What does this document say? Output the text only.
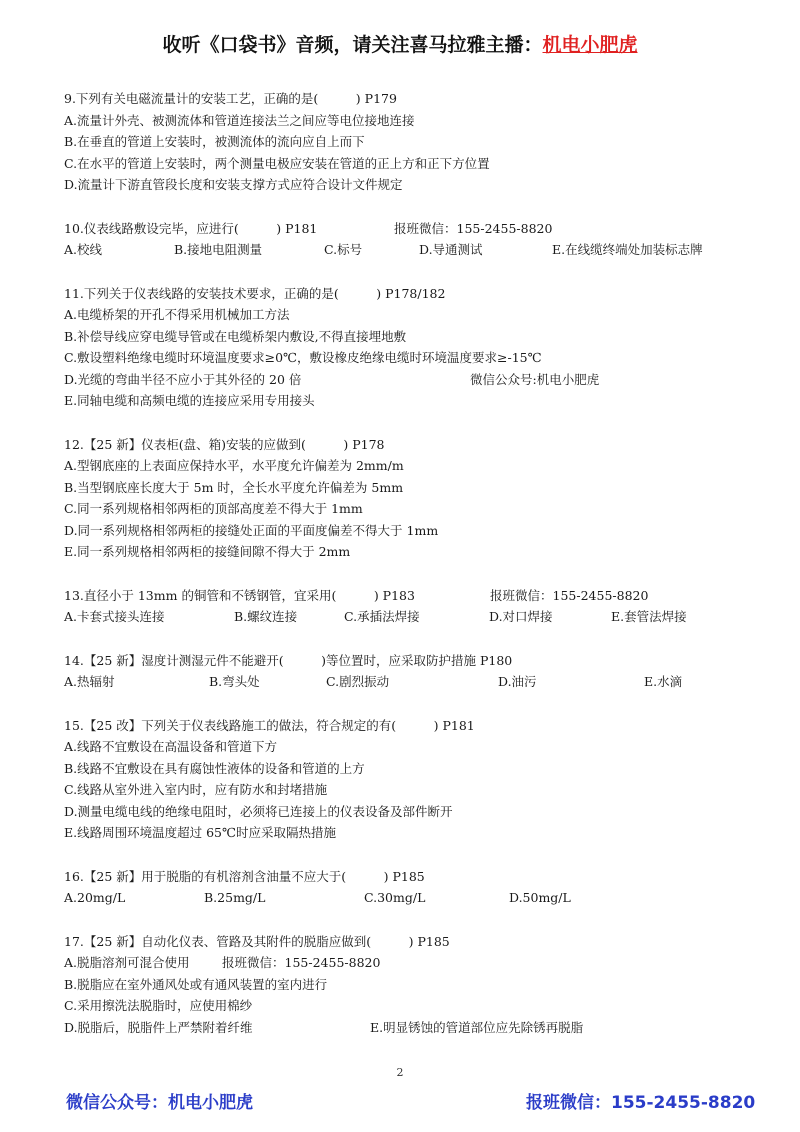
收听《口袋书》音频，请关注喜马拉雅主播：机电小肥虎
9.下列有关电磁流量计的安装工艺，正确的是(　　　) P179
A.流量计外壳、被测流体和管道连接法兰之间应等电位接地连接
B.在垂直的管道上安装时，被测流体的流向应自上而下
C.在水平的管道上安装时，两个测量电极应安装在管道的正上方和正下方位置
D.流量计下游直管段长度和安装支撑方式应符合设计文件规定
10.仪表线路敷设完毕，应进行(　　　) P181	报班微信：155-2455-8820
A.校线	B.接地电阻测量	C.标号	D.导通测试	E.在线缆终端处加装标志牌
11.下列关于仪表线路的安装技术要求，正确的是(　　　) P178/182
A.电缆桥架的开孔不得采用机械加工方法
B.补偿导线应穿电缆导管或在电缆桥架内敷设,不得直接埋地敷
C.敷设塑料绝缘电缆时环境温度要求≥0℃，敷设橡皮绝缘电缆时环境温度要求≥-15℃
D.光缆的弯曲半径不应小于其外径的 20 倍	微信公众号:机电小肥虎
E.同轴电缆和高频电缆的连接应采用专用接头
12.【25 新】仪表柜(盘、箱)安装的应做到(　　　) P178
A.型钢底座的上表面应保持水平，水平度允许偏差为 2mm/m
B.当型钢底座长度大于 5m 时，全长水平度允许偏差为 5mm
C.同一系列规格相邻两柜的顶部高度差不得大于 1mm
D.同一系列规格相邻两柜的接缝处正面的平面度偏差不得大于 1mm
E.同一系列规格相邻两柜的接缝间隙不得大于 2mm
13.直径小于 13mm 的铜管和不锈钢管，宜采用(　　　) P183	报班微信：155-2455-8820
A.卡套式接头连接	B.螺纹连接	C.承插法焊接	D.对口焊接	E.套管法焊接
14.【25 新】湿度计测湿元件不能避开(　　　)等位置时，应采取防护措施 P180
A.热辐射	B.弯头处	C.剧烈振动	D.油污	E.水滴
15.【25 改】下列关于仪表线路施工的做法，符合规定的有(　　　) P181
A.线路不宜敷设在高温设备和管道下方
B.线路不宜敷设在具有腐蚀性液体的设备和管道的上方
C.线路从室外进入室内时，应有防水和封堵措施
D.测量电缆电线的绝缘电阻时，必须将已连接上的仪表设备及部件断开
E.线路周围环境温度超过 65℃时应采取隔热措施
16.【25 新】用于脱脂的有机溶剂含油量不应大于(　　　) P185
A.20mg/L	B.25mg/L	C.30mg/L	D.50mg/L
17.【25 新】自动化仪表、管路及其附件的脱脂应做到(　　　) P185
A.脱脂溶剂可混合使用	报班微信：155-2455-8820
B.脱脂应在室外通风处或有通风装置的室内进行
C.采用擦洗法脱脂时，应使用棉纱
D.脱脂后，脱脂件上严禁附着纤维	E.明显锈蚀的管道部位应先除锈再脱脂
2
微信公众号：机电小肥虎	报班微信：155-2455-8820
